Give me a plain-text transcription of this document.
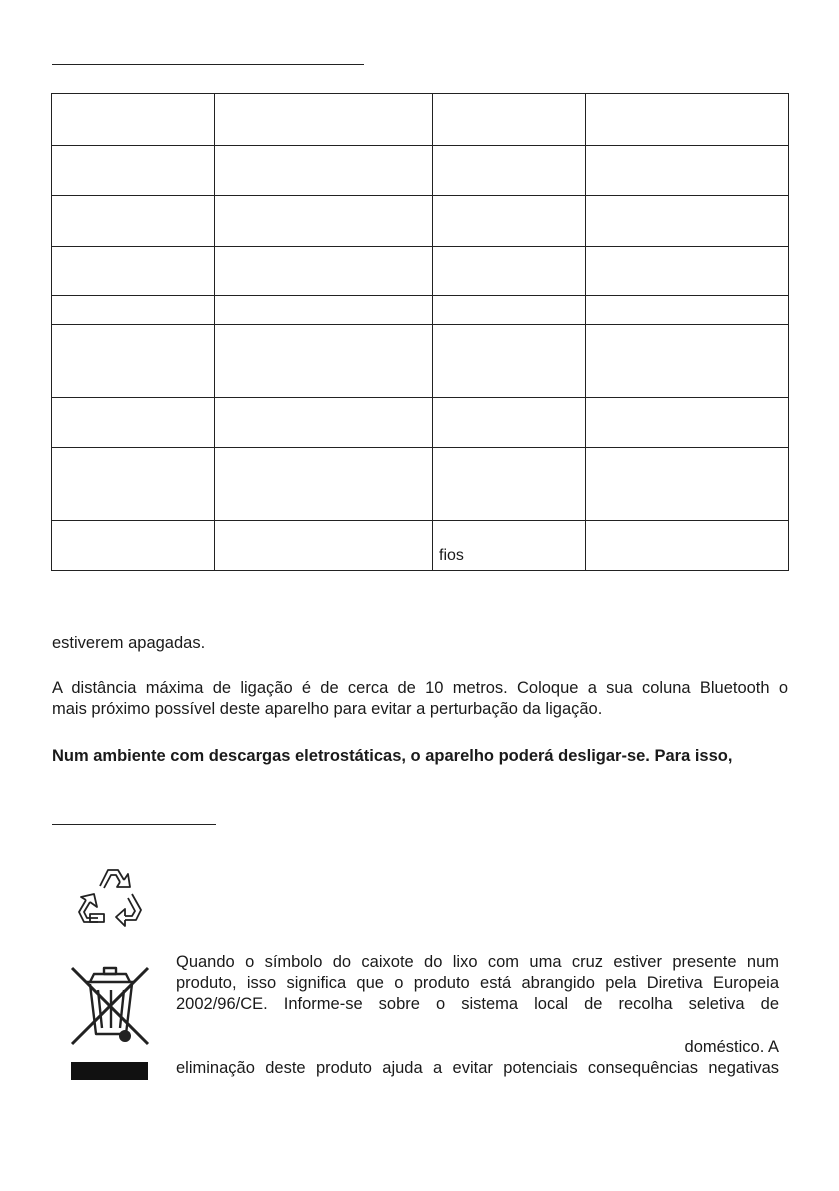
		fios	

estiverem apagadas.

A distância máxima de ligação é de cerca de 10 metros. Coloque a sua coluna Bluetooth o
mais próximo possível deste aparelho para evitar a perturbação da ligação.

Num ambiente com descargas eletrostáticas, o aparelho poderá desligar-se. Para isso,

Quando o símbolo do caixote do lixo com uma cruz estiver presente num

produto, isso significa que o produto está abrangido pela Diretiva Europeia

2002/96/CE. Informe-se sobre o sistema local de recolha seletiva de

doméstico. A

eliminação deste produto ajuda a evitar potenciais consequências negativas
